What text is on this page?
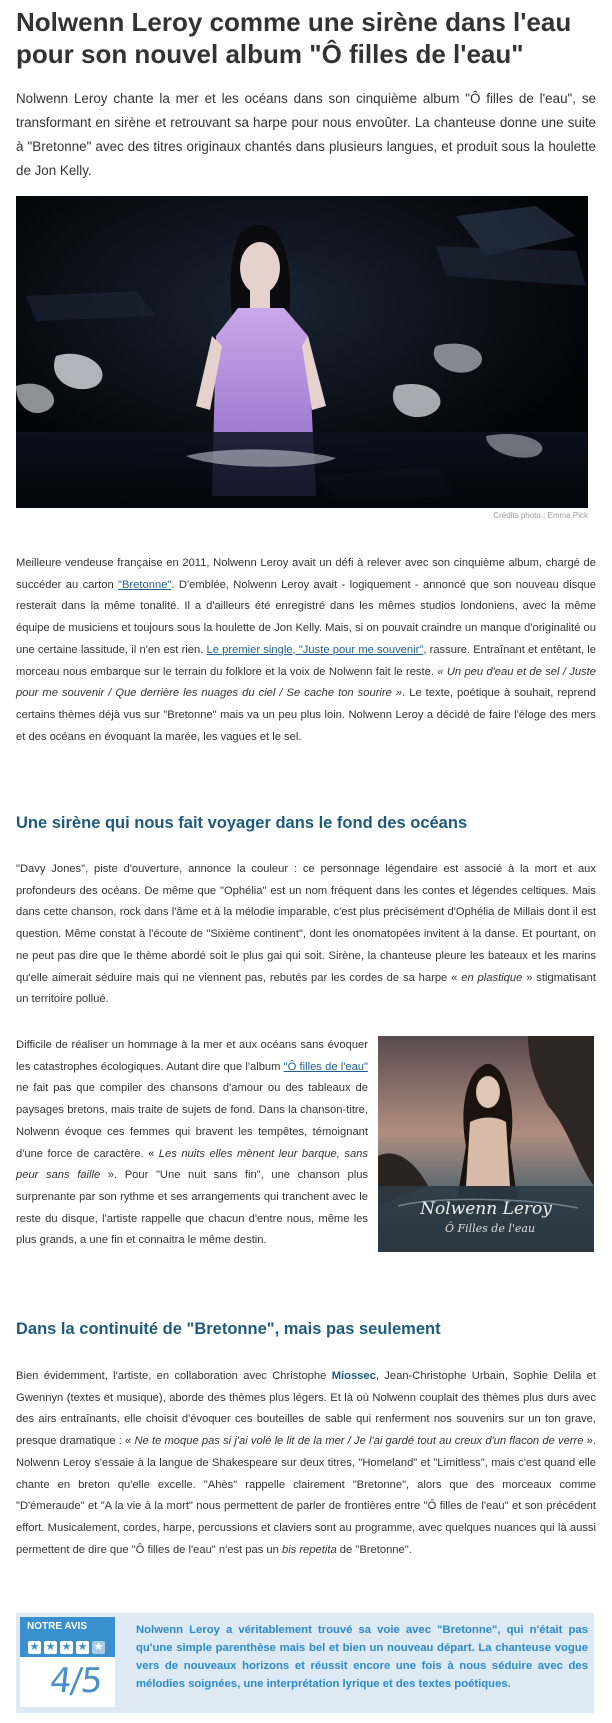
Nolwenn Leroy comme une sirène dans l'eau pour son nouvel album "Ô filles de l'eau"

Nolwenn Leroy chante la mer et les océans dans son cinquième album "Ô filles de l'eau", se transformant en sirène et retrouvant sa harpe pour nous envoûter. La chanteuse donne une suite à "Bretonne" avec des titres originaux chantés dans plusieurs langues, et produit sous la houlette de Jon Kelly.

Crédits photo : Emma Pick

Meilleure vendeuse française en 2011, Nolwenn Leroy avait un défi à relever avec son cinquième album, chargé de succéder au carton "Bretonne". D'emblée, Nolwenn Leroy avait - logiquement - annoncé que son nouveau disque resterait dans la même tonalité. Il a d'ailleurs été enregistré dans les mêmes studios londoniens, avec la même équipe de musiciens et toujours sous la houlette de Jon Kelly. Mais, si on pouvait craindre un manque d'originalité ou une certaine lassitude, il n'en est rien. Le premier single, "Juste pour me souvenir", rassure. Entraînant et entêtant, le morceau nous embarque sur le terrain du folklore et la voix de Nolwenn fait le reste. « Un peu d'eau et de sel / Juste pour me souvenir / Que derrière les nuages du ciel / Se cache ton sourire ». Le texte, poétique à souhait, reprend certains thèmes déjà vus sur "Bretonne" mais va un peu plus loin. Nolwenn Leroy a décidé de faire l'éloge des mers et des océans en évoquant la marée, les vagues et le sel.

Une sirène qui nous fait voyager dans le fond des océans

"Davy Jones", piste d'ouverture, annonce la couleur : ce personnage légendaire est associé à la mort et aux profondeurs des océans. De même que "Ophélia" est un nom fréquent dans les contes et légendes celtiques. Mais dans cette chanson, rock dans l'âme et à la mélodie imparable, c'est plus précisément d'Ophélia de Millais dont il est question. Même constat à l'écoute de "Sixième continent", dont les onomatopées invitent à la danse. Et pourtant, on ne peut pas dire que le thème abordé soit le plus gai qui soit. Sirène, la chanteuse pleure les bateaux et les marins qu'elle aimerait séduire mais qui ne viennent pas, rebutés par les cordes de sa harpe « en plastique » stigmatisant un territoire pollué.

Difficile de réaliser un hommage à la mer et aux océans sans évoquer les catastrophes écologiques. Autant dire que l'album "Ô filles de l'eau" ne fait pas que compiler des chansons d'amour ou des tableaux de paysages bretons, mais traite de sujets de fond. Dans la chanson-titre, Nolwenn évoque ces femmes qui bravent les tempêtes, témoignant d'une force de caractère. « Les nuits elles mènent leur barque, sans peur sans faille ». Pour "Une nuit sans fin", une chanson plus surprenante par son rythme et ses arrangements qui tranchent avec le reste du disque, l'artiste rappelle que chacun d'entre nous, même les plus grands, a une fin et connaitra le même destin.

Nolwenn Leroy
Ô Filles de l'eau
Dans la continuité de "Bretonne", mais pas seulement

Bien évidemment, l'artiste, en collaboration avec Christophe Miossec, Jean-Christophe Urbain, Sophie Delila et Gwennyn (textes et musique), aborde des thèmes plus légers. Et là où Nolwenn couplait des thèmes plus durs avec des airs entraînants, elle choisit d'évoquer ces bouteilles de sable qui renferment nos souvenirs sur un ton grave, presque dramatique : « Ne te moque pas si j'ai volé le lit de la mer / Je l'ai gardé tout au creux d'un flacon de verre ». Nolwenn Leroy s'essaie à la langue de Shakespeare sur deux titres, "Homeland" et "Limitless", mais c'est quand elle chante en breton qu'elle excelle. "Ahès" rappelle clairement "Bretonne", alors que des morceaux comme "D'émeraude" et "A la vie à la mort" nous permettent de parler de frontières entre "Ô filles de l'eau" et son précédent effort. Musicalement, cordes, harpe, percussions et claviers sont au programme, avec quelques nuances qui là aussi permettent de dire que "Ô filles de l'eau" n'est pas un bis repetita de "Bretonne".

NOTRE AVIS
★ ★ ★ ★ ★
4/5

Nolwenn Leroy a véritablement trouvé sa voie avec "Bretonne", qui n'était pas qu'une simple parenthèse mais bel et bien un nouveau départ. La chanteuse vogue vers de nouveaux horizons et réussit encore une fois à nous séduire avec des mélodies soignées, une interprétation lyrique et des textes poétiques.
